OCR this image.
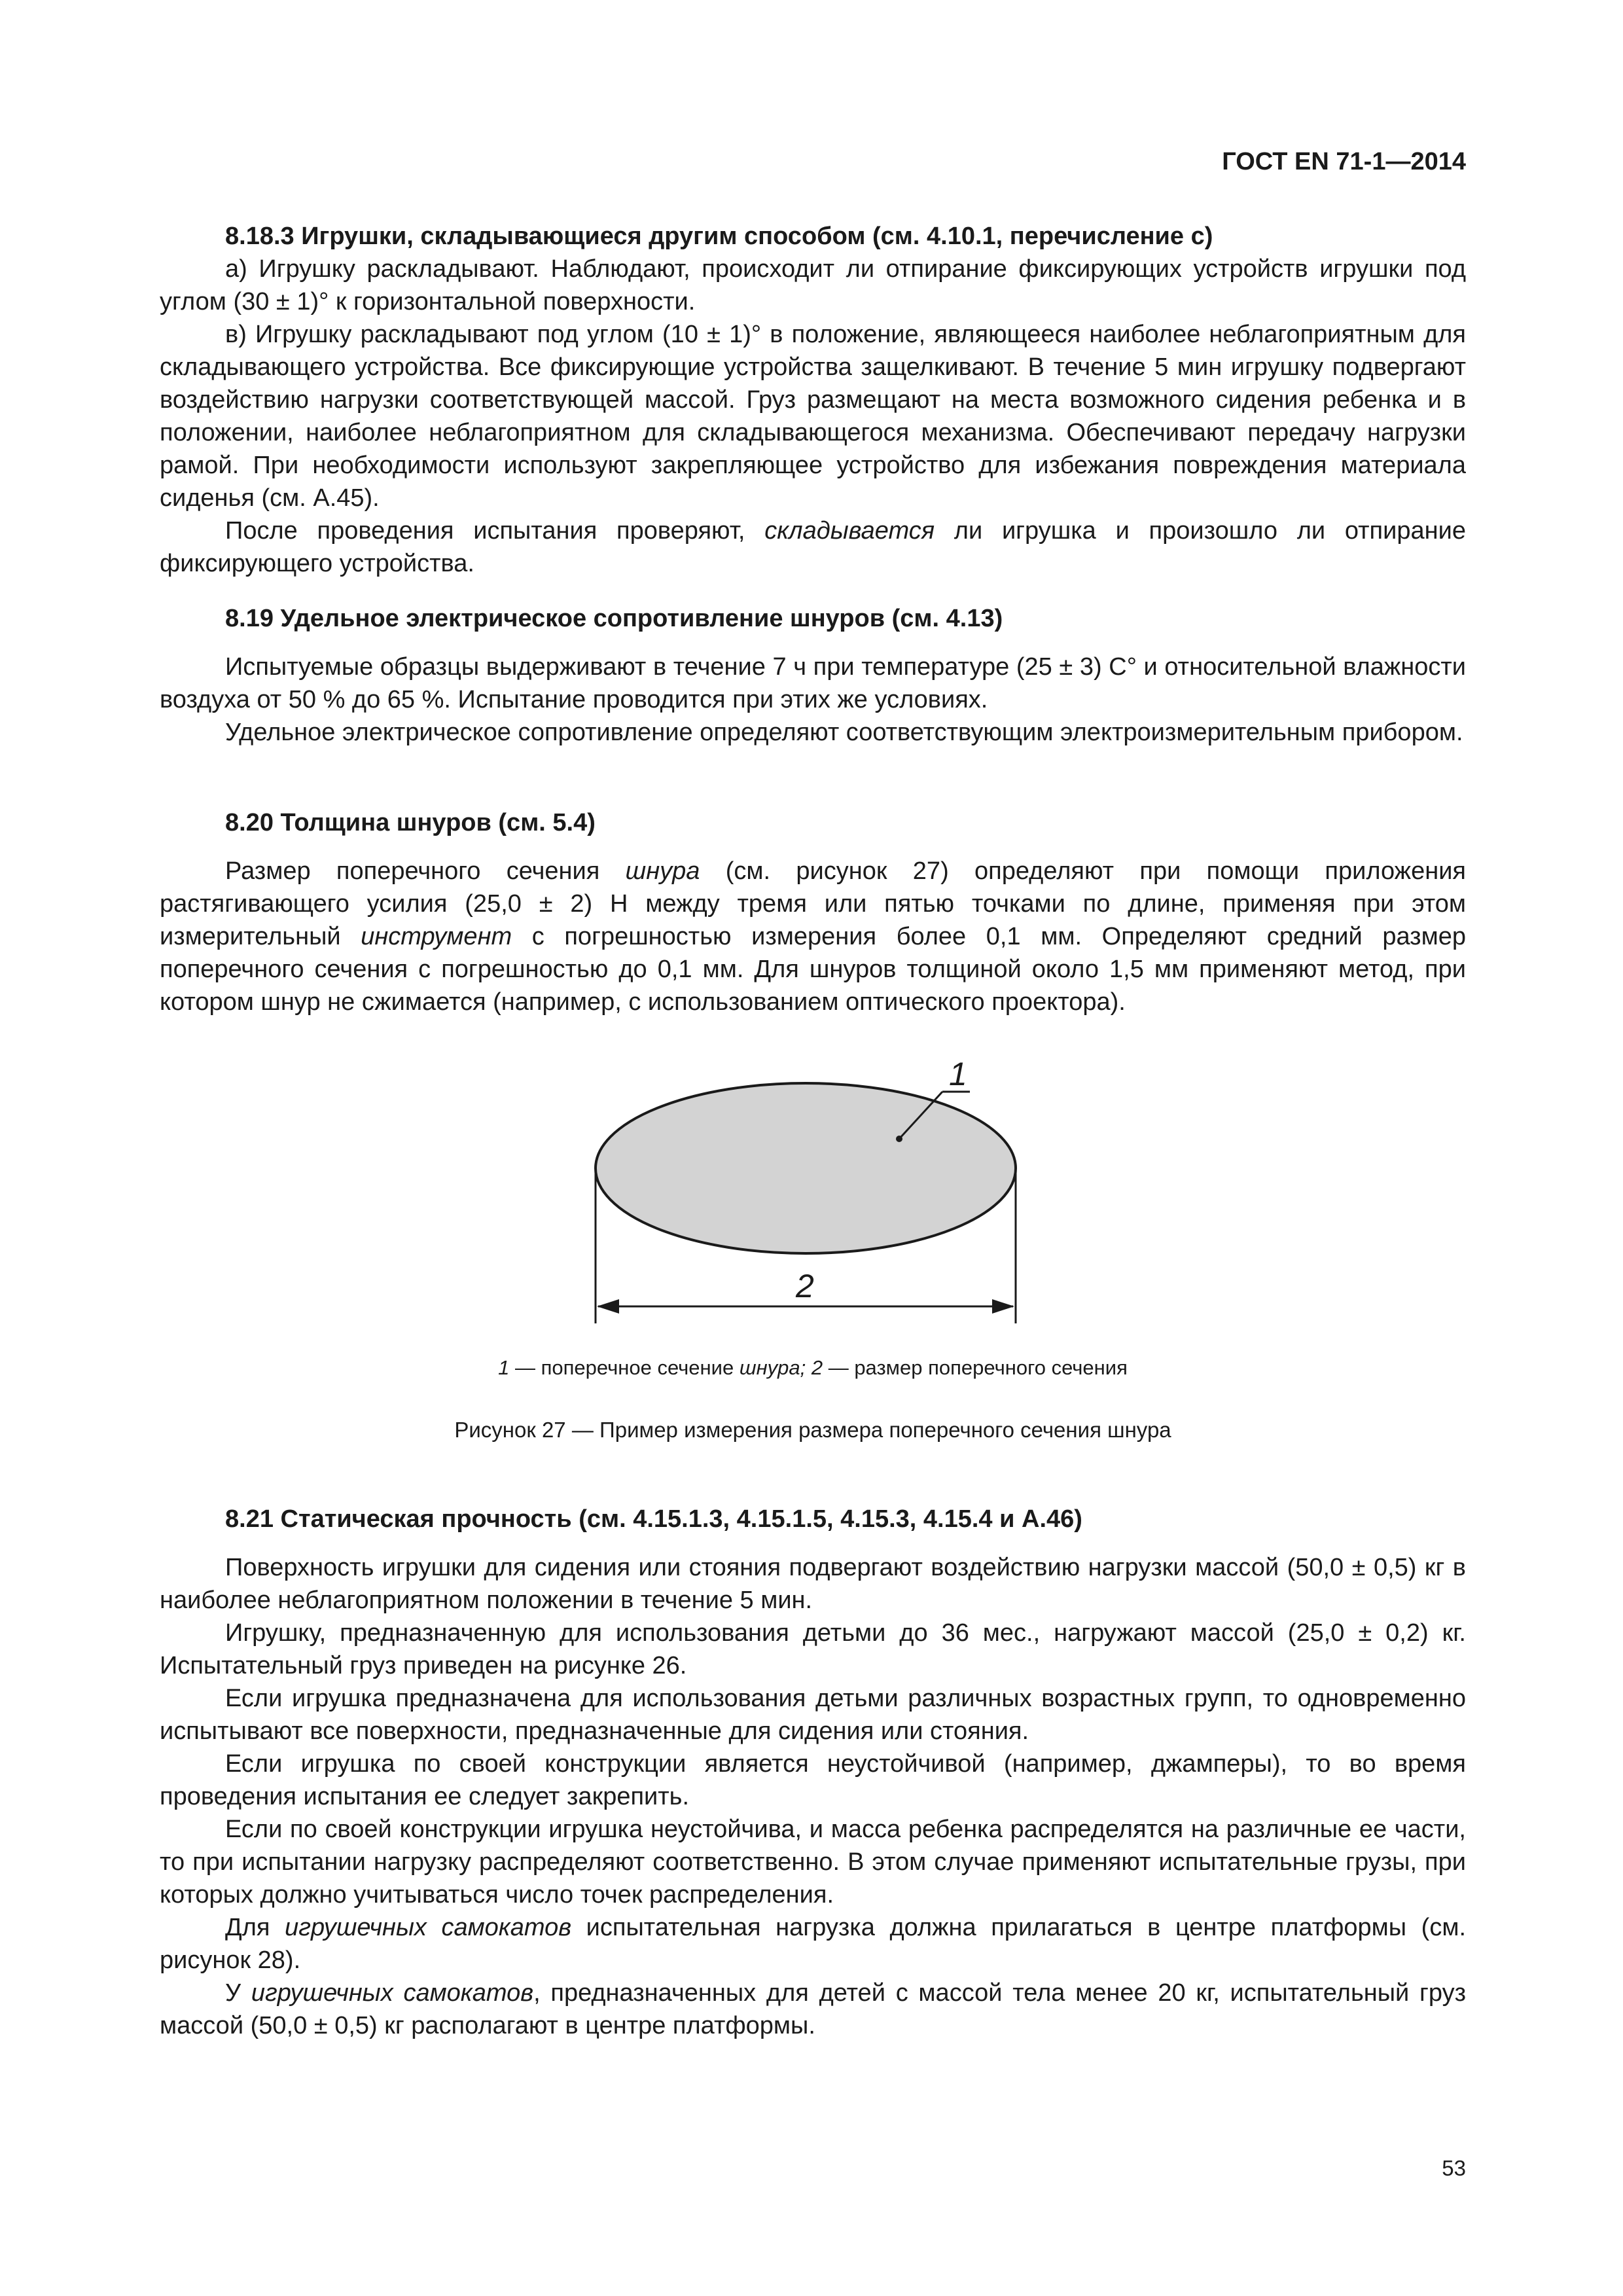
ГОСТ EN 71-1—2014
8.18.3 Игрушки, складывающиеся другим способом (см. 4.10.1, перечисление с)

а) Игрушку раскладывают. Наблюдают, происходит ли отпирание фиксирующих устройств игрушки под углом (30 ± 1)° к горизонтальной поверхности.

в) Игрушку раскладывают под углом (10 ± 1)° в положение, являющееся наиболее неблагоприятным для складывающего устройства. Все фиксирующие устройства защелкивают. В течение 5 мин игрушку подвергают воздействию нагрузки соответствующей массой. Груз размещают на места возможного сидения ребенка и в положении, наиболее неблагоприятном для складывающегося механизма. Обеспечивают передачу нагрузки рамой. При необходимости используют закрепляющее устройство для избежания повреждения материала сиденья (см. А.45).

После проведения испытания проверяют, складывается ли игрушка и произошло ли отпирание фиксирующего устройства.

8.19 Удельное электрическое сопротивление шнуров (см. 4.13)

Испытуемые образцы выдерживают в течение 7 ч при температуре (25 ± 3) С° и относительной влажности воздуха от 50 % до 65 %. Испытание проводится при этих же условиях.

Удельное электрическое сопротивление определяют соответствующим электроизмерительным прибором.

8.20 Толщина шнуров (см. 5.4)

Размер поперечного сечения шнура (см. рисунок 27) определяют при помощи приложения растягивающего усилия (25,0 ± 2) Н между тремя или пятью точками по длине, применяя при этом измерительный инструмент с погрешностью измерения более 0,1 мм. Определяют средний размер поперечного сечения с погрешностью до 0,1 мм. Для шнуров толщиной около 1,5 мм применяют метод, при котором шнур не сжимается (например, с использованием оптического проектора).

1
2
1 — поперечное сечение шнура; 2 — размер поперечного сечения
Рисунок 27 — Пример измерения размера поперечного сечения шнура
8.21 Статическая прочность (см. 4.15.1.3, 4.15.1.5, 4.15.3, 4.15.4 и А.46)

Поверхность игрушки для сидения или стояния подвергают воздействию нагрузки массой (50,0 ± 0,5) кг в наиболее неблагоприятном положении в течение 5 мин.

Игрушку, предназначенную для использования детьми до 36 мес., нагружают массой (25,0 ± 0,2) кг. Испытательный груз приведен на рисунке 26.

Если игрушка предназначена для использования детьми различных возрастных групп, то одновременно испытывают все поверхности, предназначенные для сидения или стояния.

Если игрушка по своей конструкции является неустойчивой (например, джамперы), то во время проведения испытания ее следует закрепить.

Если по своей конструкции игрушка неустойчива, и масса ребенка распределятся на различные ее части, то при испытании нагрузку распределяют соответственно. В этом случае применяют испытательные грузы, при которых должно учитываться число точек распределения.

Для игрушечных самокатов испытательная нагрузка должна прилагаться в центре платформы (см. рисунок 28).

У игрушечных самокатов, предназначенных для детей с массой тела менее 20 кг, испытательный груз массой (50,0 ± 0,5) кг располагают в центре платформы.

53
